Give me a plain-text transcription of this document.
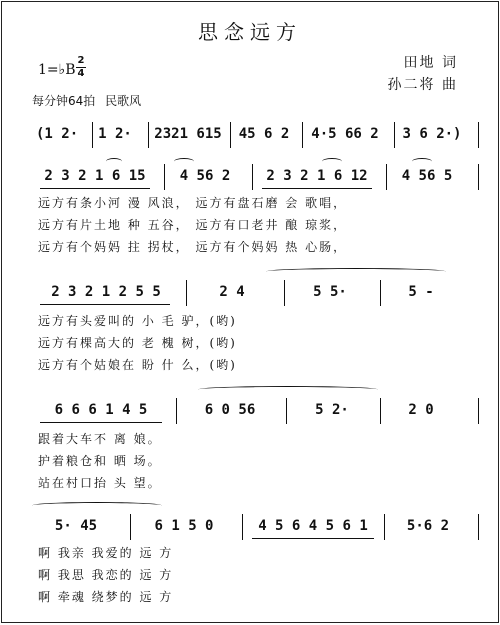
思念远方
1=♭B
2
4
田地 词
孙二将 曲
每分钟64拍 民歌风
(1 2· 1 2· 2321 615 45 6 2 4·5 66 2 3 6 2·)
2 3 2 1 6 15	4 56 2	2 3 2 1 6 12	4 56 5
远方有条小河 漫 风浪， 远方有盘石磨 会 歌唱，
远方有片土地 种 五谷， 远方有口老井 酿 琼浆，
远方有个妈妈 拄 拐杖， 远方有个妈妈 热 心肠，
2 3 2 1 2 5 5	2 4	5 5·	5 -
远方有头爱叫的 小 毛 驴，(哟)
远方有棵高大的 老 槐 树，(哟)
远方有个姑娘在 盼 什 么，(哟)
6 6 6 1 4 5	6 0 56	5 2·	2 0
跟着大车不 离 娘。
护着粮仓和 晒 场。
站在村口抬 头 望。
5· 45	6 1 5 0	4 5 6 4 5 6 1	5·6 2
啊 我亲 我爱的 远 方
啊 我思 我恋的 远 方
啊 牵魂 绕梦的 远 方
